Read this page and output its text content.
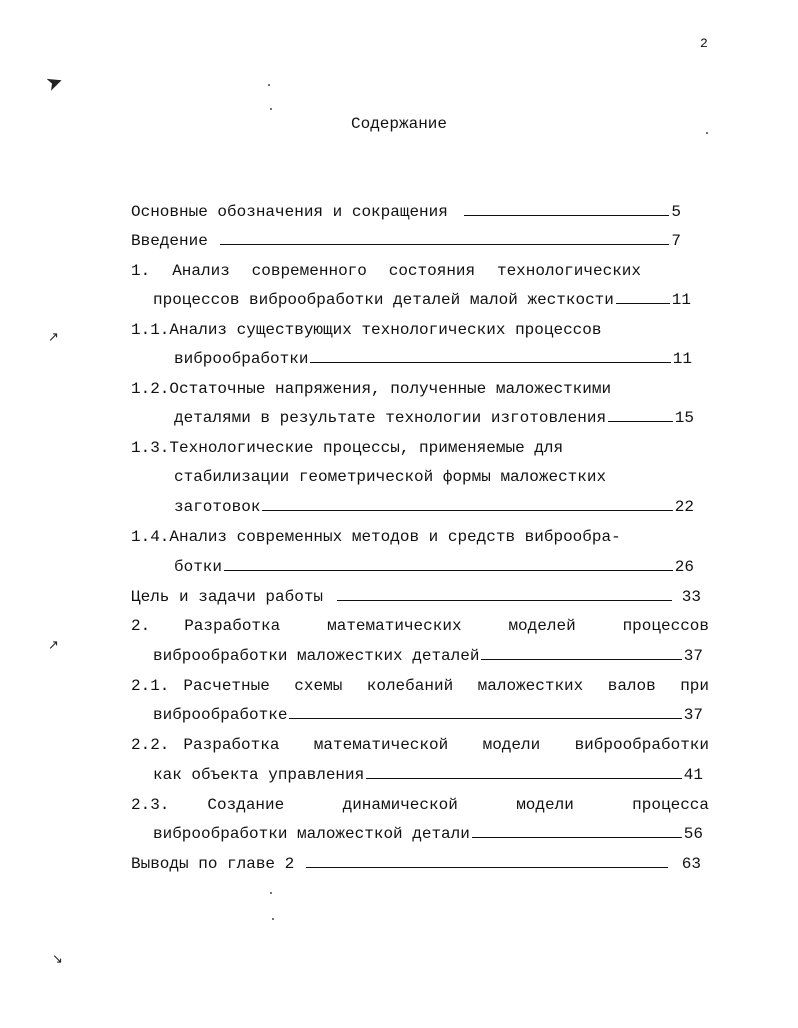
2
Содержание
Основные обозначения и сокращения	5
Введение	7
1. Анализ современного состояния технологических
процессов виброобработки деталей малой жесткости	11
1.1. Анализ существующих технологических процессов
виброобработки	11
1.2. Остаточные напряжения, полученные маложесткими
деталями в результате технологии изготовления	15
1.3. Технологические процессы, применяемые для
стабилизации геометрической формы маложестких
заготовок	22
1.4. Анализ современных методов и средств виброобра-
ботки	26
Цель и задачи работы	33
2. Разработка математических моделей процессов
виброобработки маложестких деталей	37
2.1. Расчетные схемы колебаний маложестких валов при
виброобработке	37
2.2. Разработка математической модели виброобработки
как объекта управления	41
2.3. Создание динамической модели процесса
виброобработки маложесткой детали	56
Выводы по главе 2	63
➤
↗
↗
↘
